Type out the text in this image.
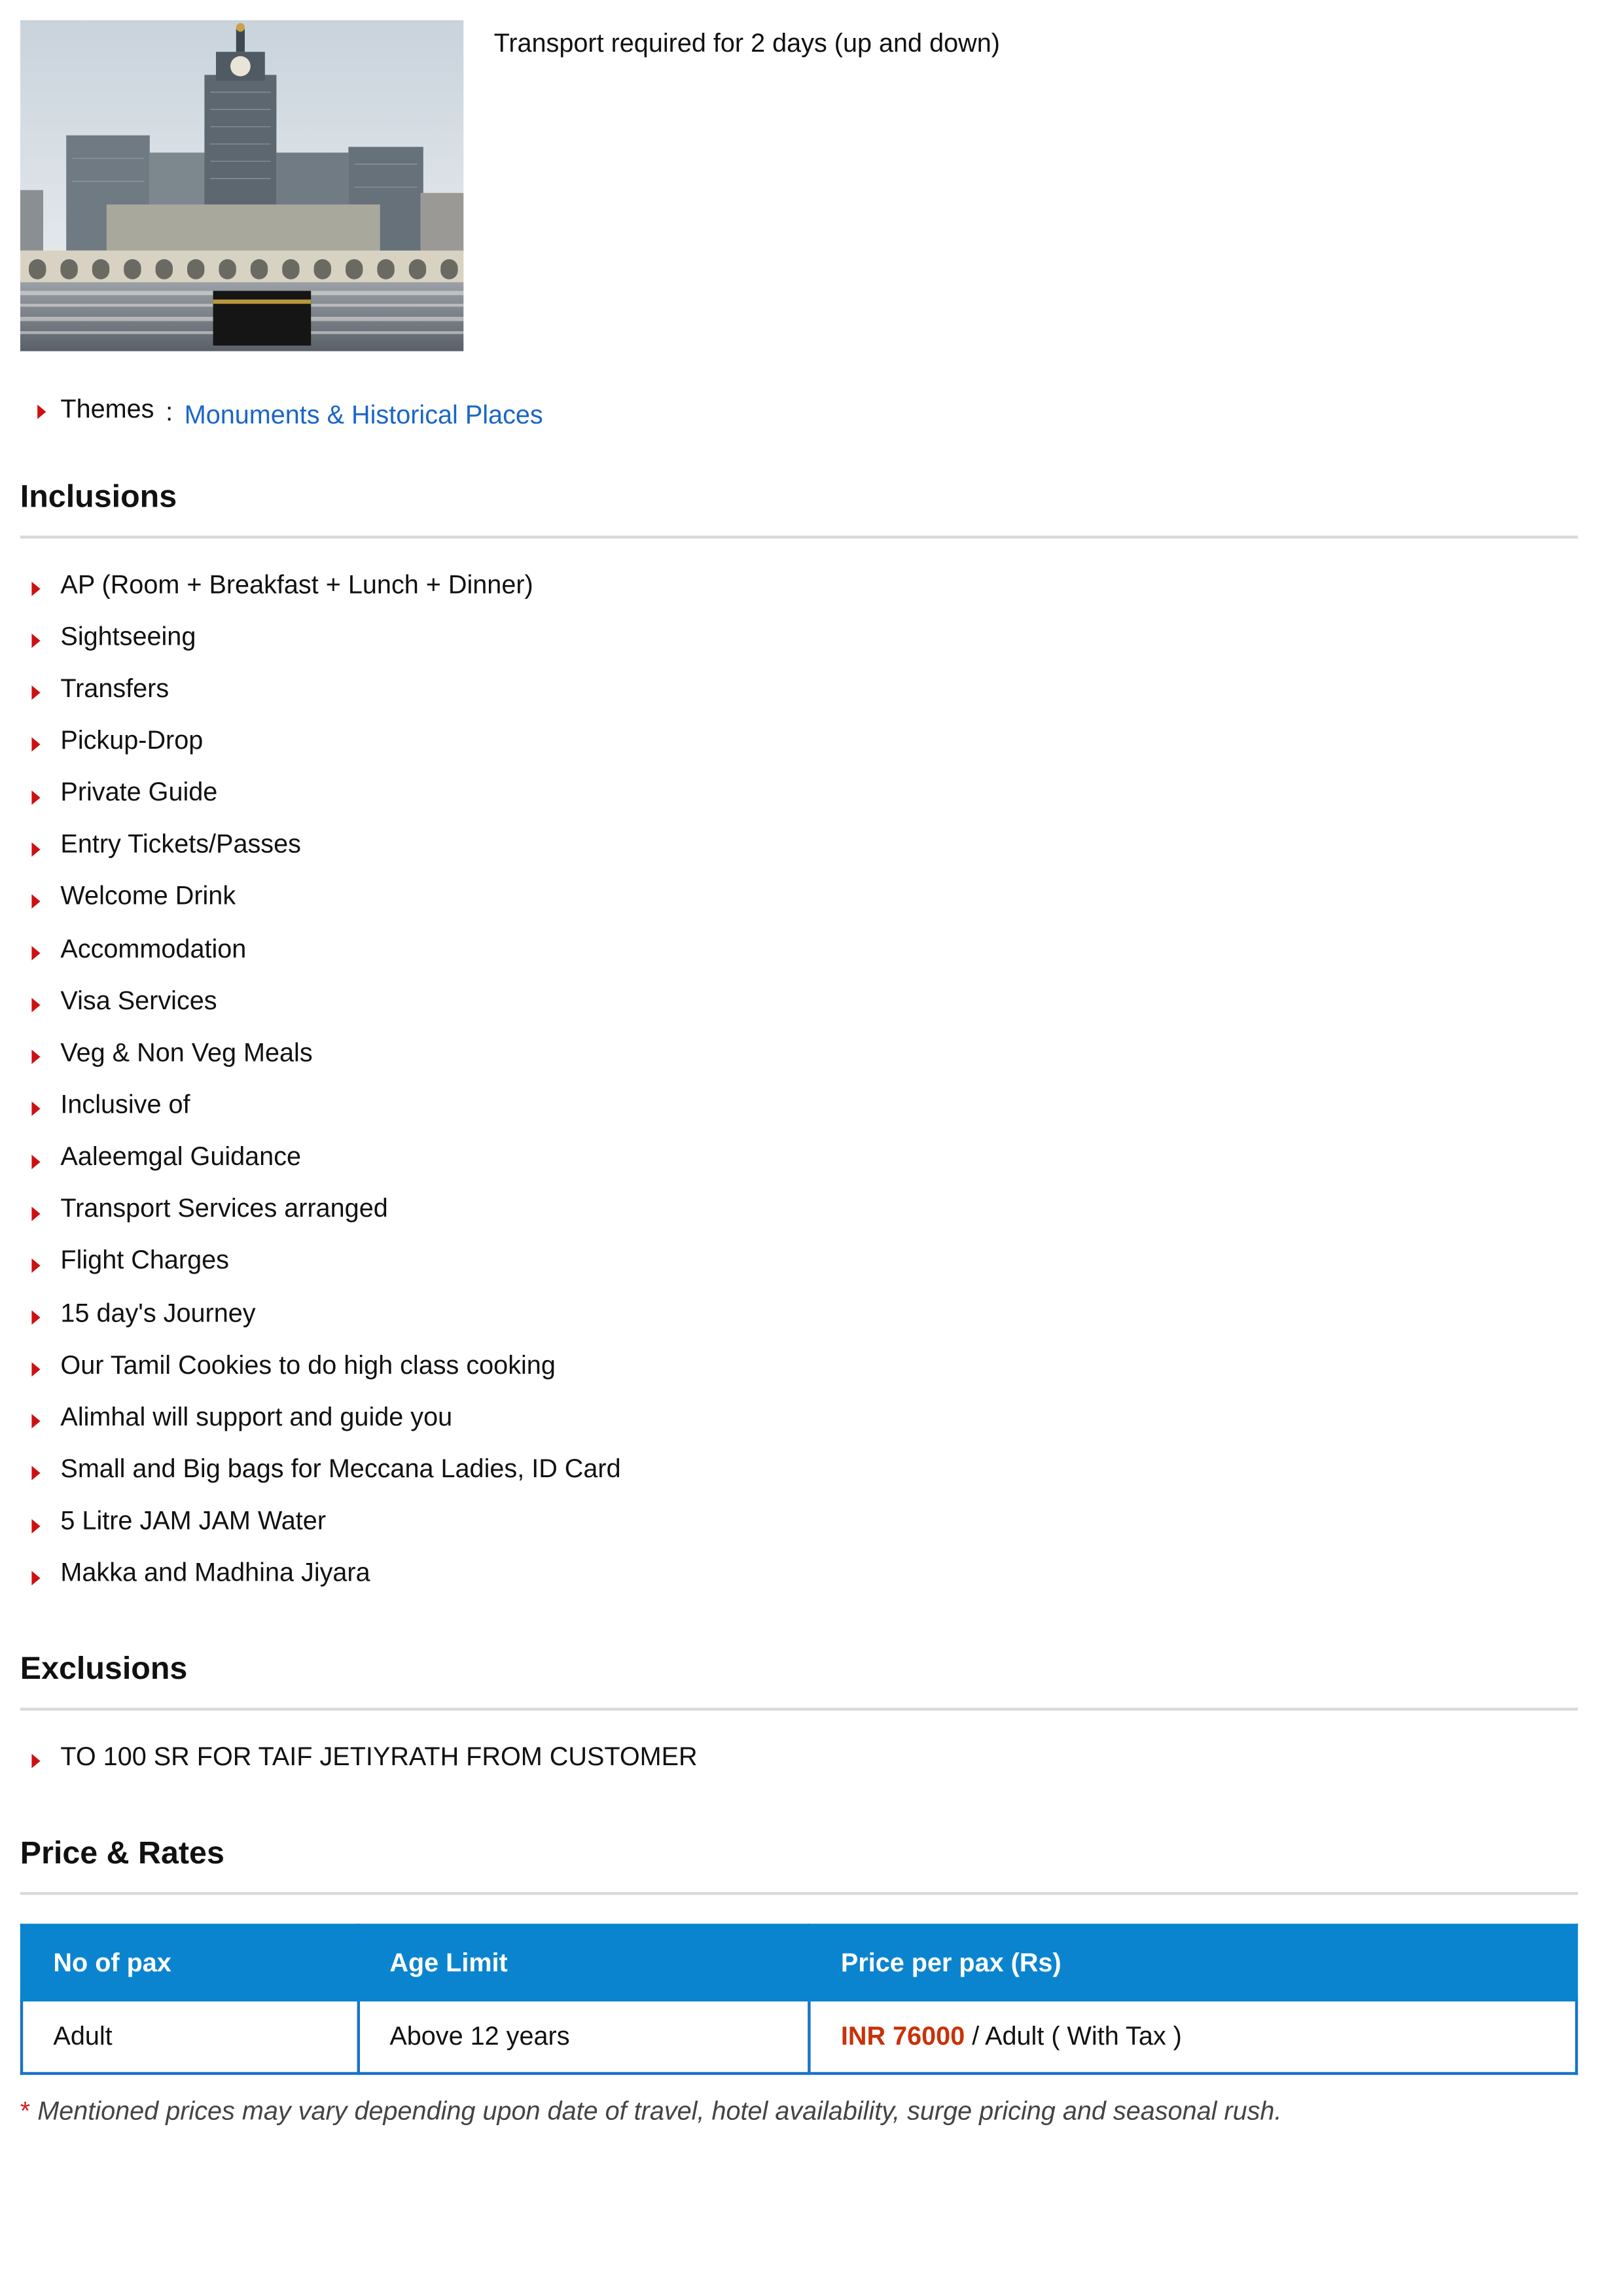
Transport required for 2 days (up and down)
Themes : Monuments & Historical Places
Inclusions
AP (Room + Breakfast + Lunch + Dinner)
Sightseeing
Transfers
Pickup-Drop
Private Guide
Entry Tickets/Passes
Welcome Drink
Accommodation
Visa Services
Veg & Non Veg Meals
Inclusive of
Aaleemgal Guidance
Transport Services arranged
Flight Charges
15 day's Journey
Our Tamil Cookies to do high class cooking
Alimhal will support and guide you
Small and Big bags for Meccana Ladies, ID Card
5 Litre JAM JAM Water
Makka and Madhina Jiyara
Exclusions
TO 100 SR FOR TAIF JETIYRATH FROM CUSTOMER
Price & Rates
No of pax	Age Limit	Price per pax (Rs)
Adult	Above 12 years	INR 76000 / Adult ( With Tax )
* Mentioned prices may vary depending upon date of travel, hotel availability, surge pricing and seasonal rush.
